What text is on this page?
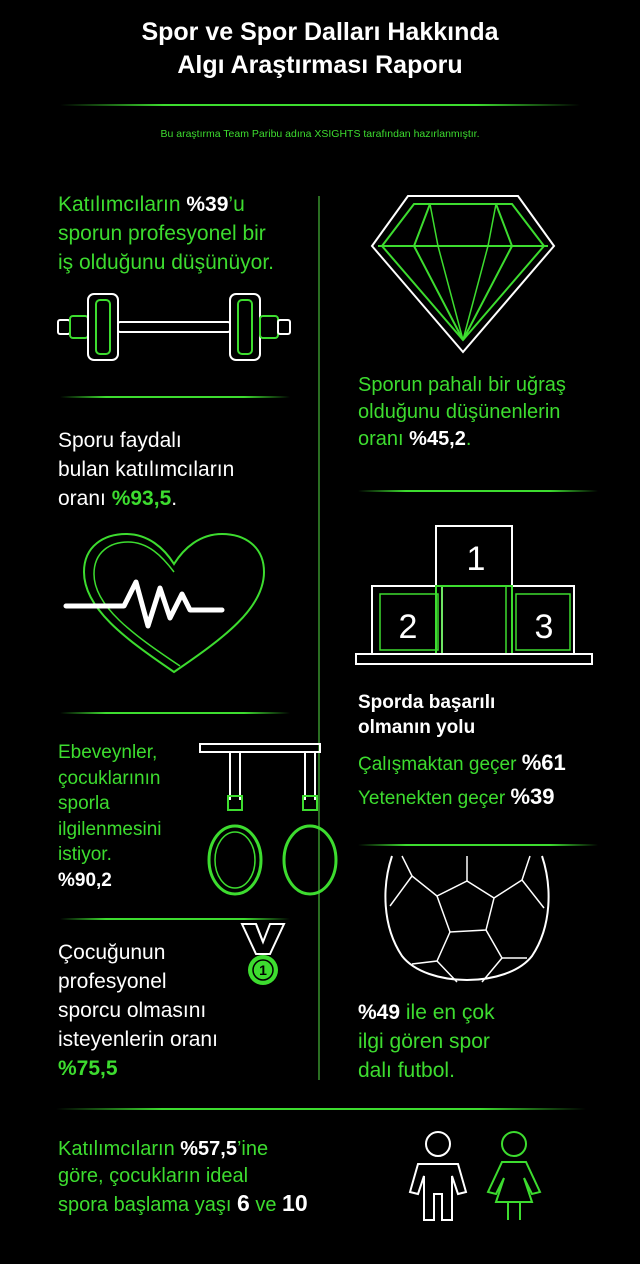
Spor ve Spor Dalları Hakkında
Algı Araştırması Raporu
Bu araştırma Team Paribu adına XSIGHTS tarafından hazırlanmıştır.
Katılımcıların %39’u
sporun profesyonel bir
iş olduğunu düşünüyor.
Sporu faydalı
bulan katılımcıların
oranı %93,5.
Ebeveynler,
çocuklarının
sporla
ilgilenmesini
istiyor.
%90,2
Çocuğunun
profesyonel
sporcu olmasını
isteyenlerin oranı
%75,5
1
Sporun pahalı bir uğraş
olduğunu düşünenlerin
oranı %45,2.
1
2	3
Sporda başarılı
olmanın yolu
Çalışmaktan geçer %61
Yetenekten geçer %39
%49 ile en çok
ilgi gören spor
dalı futbol.
Katılımcıların %57,5’ine
göre, çocukların ideal
spora başlama yaşı 6 ve 10
